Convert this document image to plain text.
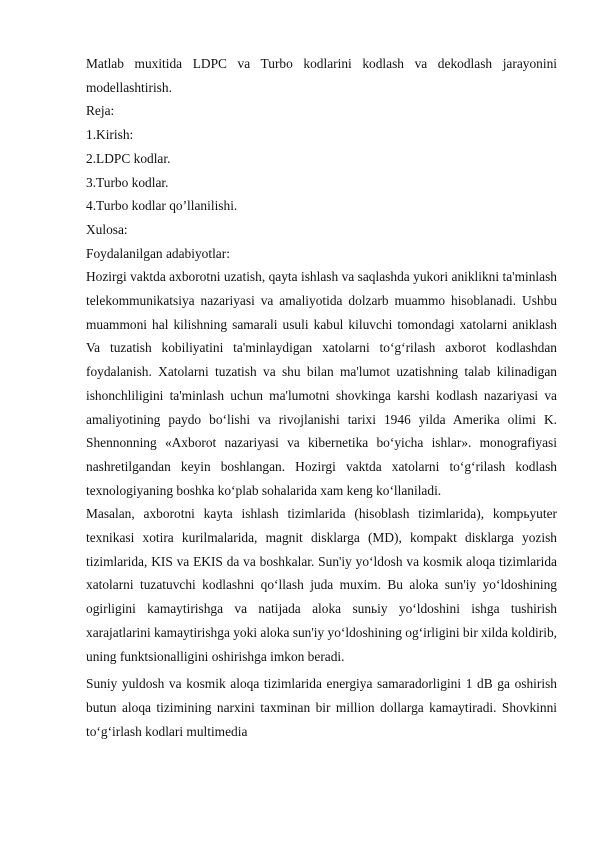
Matlab muxitida LDPC va Turbo kodlarini kodlash va dekodlash jarayonini modellashtirish.

Reja:

1.Kirish:

2.LDPC kodlar.

3.Turbo kodlar.

4.Turbo kodlar qo’llanilishi.

Xulosa:

Foydalanilgan adabiyotlar:

Hozirgi vaktda axborotni uzatish, qayta ishlash va saqlashda yukori aniklikni ta'minlash telekommunikatsiya nazariyasi va amaliyotida dolzarb muammo hisoblanadi. Ushbu muammoni hal kilishning samarali usuli kabul kiluvchi tomondagi xatolarni aniklash Va tuzatish kobiliyatini ta'minlaydigan xatolarni to‘g‘rilash axborot kodlashdan foydalanish. Xatolarni tuzatish va shu bilan ma'lumot uzatishning talab kilinadigan ishonchliligini ta'minlash uchun ma'lumotni shovkinga karshi kodlash nazariyasi va amaliyotining paydo bo‘lishi va rivojlanishi tarixi 1946 yilda Amerika olimi K. Shennonning «Axborot nazariyasi va kibernetika bo‘yicha ishlar». monografiyasi nashretilgandan keyin boshlangan. Hozirgi vaktda xatolarni to‘g‘rilash kodlash texnologiyaning boshka ko‘plab sohalarida xam keng ko‘llaniladi.

Masalan, axborotni kayta ishlash tizimlarida (hisoblash tizimlarida), kompьyuter texnikasi xotira kurilmalarida, magnit disklarga (MD), kompakt disklarga yozish tizimlarida, KIS va EKIS da va boshkalar. Sun'iy yo‘ldosh va kosmik aloqa tizimlarida xatolarni tuzatuvchi kodlashni qo‘llash juda muxim. Bu aloka sun'iy yo‘ldoshining ogirligini kamaytirishga va natijada aloka sunьiy yo‘ldoshini ishga tushirish xarajatlarini kamaytirishga yoki aloka sun'iy yo‘ldoshining og‘irligini bir xilda koldirib, uning funktsionalligini oshirishga imkon beradi.

Suniy yuldosh va kosmik aloqa tizimlarida energiya samaradorligini 1 dB ga oshirish butun aloqa tizimining narxini taxminan bir million dollarga kamaytiradi. Shovkinni to‘g‘irlash kodlari multimedia
